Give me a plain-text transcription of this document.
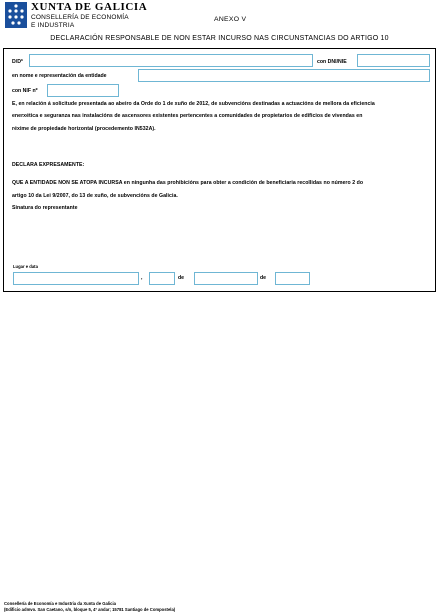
XUNTA DE GALICIA
CONSELLERÍA DE ECONOMÍA
E INDUSTRIA
ANEXO V
DECLARACIÓN RESPONSABLE DE NON ESTAR INCURSO NAS CIRCUNSTANCIAS DO ARTIGO 10
D/Dª	con DNI/NIE
en nome e representación da entidade
con NIF nº
E, en relación á solicitude presentada ao abeiro da Orde do 1 de xuño de 2012, de subvencións destinadas a actuacións de mellora da eficiencia
enerxética e seguranza nas instalacións de ascensores existentes pertencentes a comunidades de propietarios de edificios de vivendas en
réxime de propiedade horizontal (procedemento IN532A).
DECLARA EXPRESAMENTE:
QUE A ENTIDADE NON SE ATOPA INCURSA en ningunha das prohibicións para obter a condición de beneficiaria recollidas no número 2 do
artigo 10 da Lei 9/2007, do 13 de xuño, de subvencións de Galicia.
Sinatura do representante
Lugar e data
,	de	de
Consellería de Economía e Industria da Xunta de Galicia
(Edificio admvo. San Caetano, s/n, bloque 5, 4º andar; 15781 Santiago de Compostela)
